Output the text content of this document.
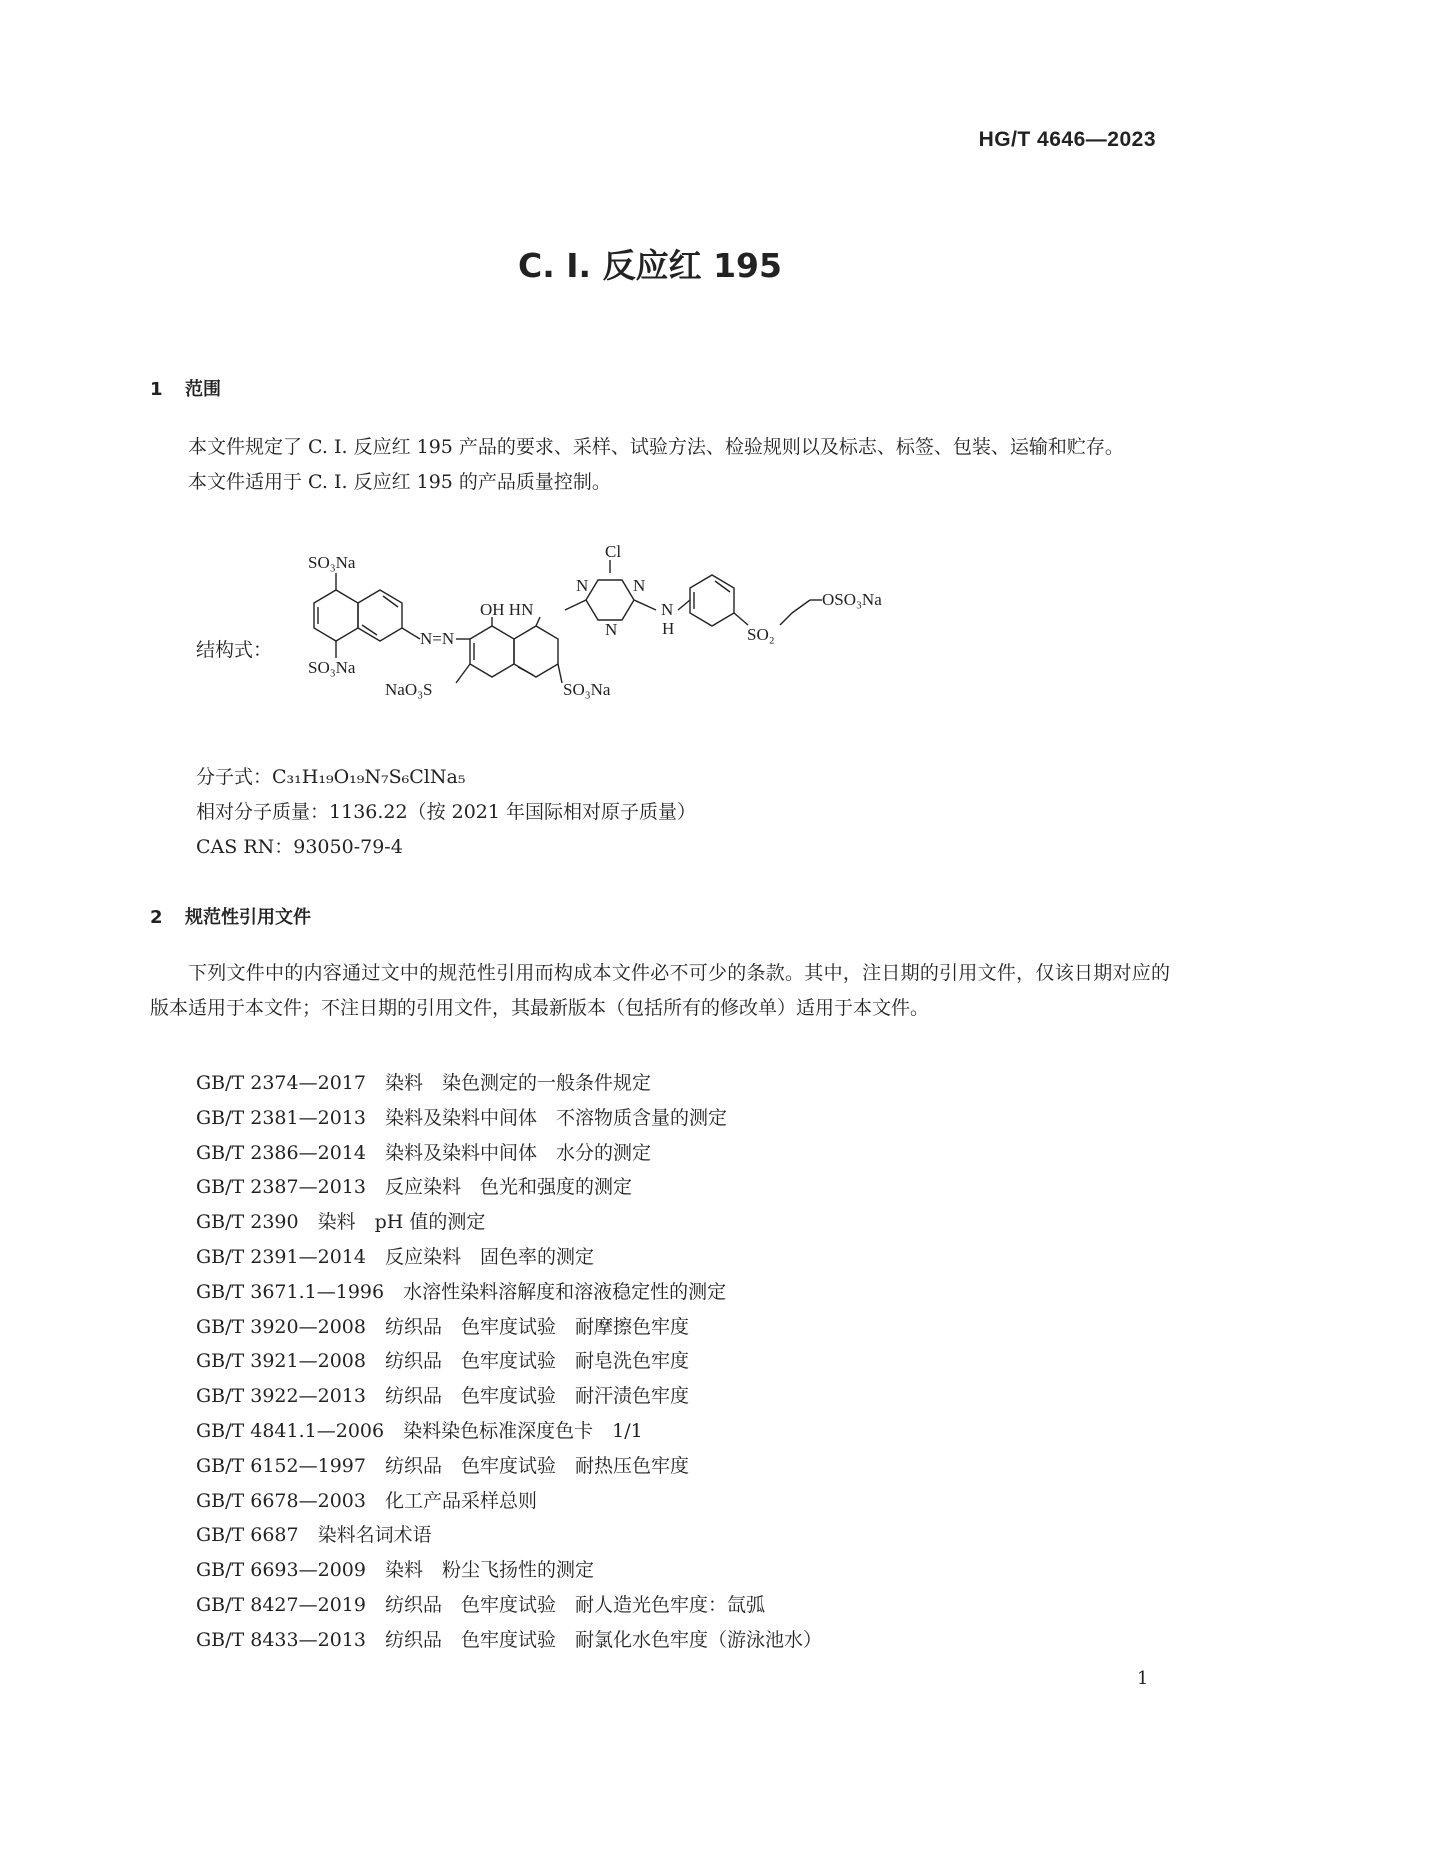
HG/T 4646—2023
C. I. 反应红 195
1 范围

本文件规定了 C. I. 反应红 195 产品的要求、采样、试验方法、检验规则以及标志、标签、包装、运输和贮存。

本文件适用于 C. I. 反应红 195 的产品质量控制。

结构式：
SO₃Na
SO₃Na
N=N
OH HN
Cl
N	N
N
N
H	SO₂
OSO₃Na
NaO₃S	SO₃Na
分子式：C₃₁H₁₉O₁₉N₇S₆ClNa₅
相对分子质量：1136.22（按 2021 年国际相对原子质量）
CAS RN：93050-79-4
2 规范性引用文件

下列文件中的内容通过文中的规范性引用而构成本文件必不可少的条款。其中，注日期的引用文件，仅该日期对应的版本适用于本文件；不注日期的引用文件，其最新版本（包括所有的修改单）适用于本文件。

GB/T 2374—2017　 染料　染色测定的一般条件规定
GB/T 2381—2013　 染料及染料中间体　不溶物质含量的测定
GB/T 2386—2014　 染料及染料中间体　水分的测定
GB/T 2387—2013　 反应染料　色光和强度的测定
GB/T 2390　 染料　pH 值的测定
GB/T 2391—2014　 反应染料　固色率的测定
GB/T 3671.1—1996　 水溶性染料溶解度和溶液稳定性的测定
GB/T 3920—2008　 纺织品　色牢度试验　耐摩擦色牢度
GB/T 3921—2008　 纺织品　色牢度试验　耐皂洗色牢度
GB/T 3922—2013　 纺织品　色牢度试验　耐汗渍色牢度
GB/T 4841.1—2006　 染料染色标准深度色卡　1/1
GB/T 6152—1997　 纺织品　色牢度试验　耐热压色牢度
GB/T 6678—2003　 化工产品采样总则
GB/T 6687　 染料名词术语
GB/T 6693—2009　 染料　粉尘飞扬性的测定
GB/T 8427—2019　 纺织品　色牢度试验　耐人造光色牢度：氙弧
GB/T 8433—2013　 纺织品　色牢度试验　耐氯化水色牢度（游泳池水）
1
